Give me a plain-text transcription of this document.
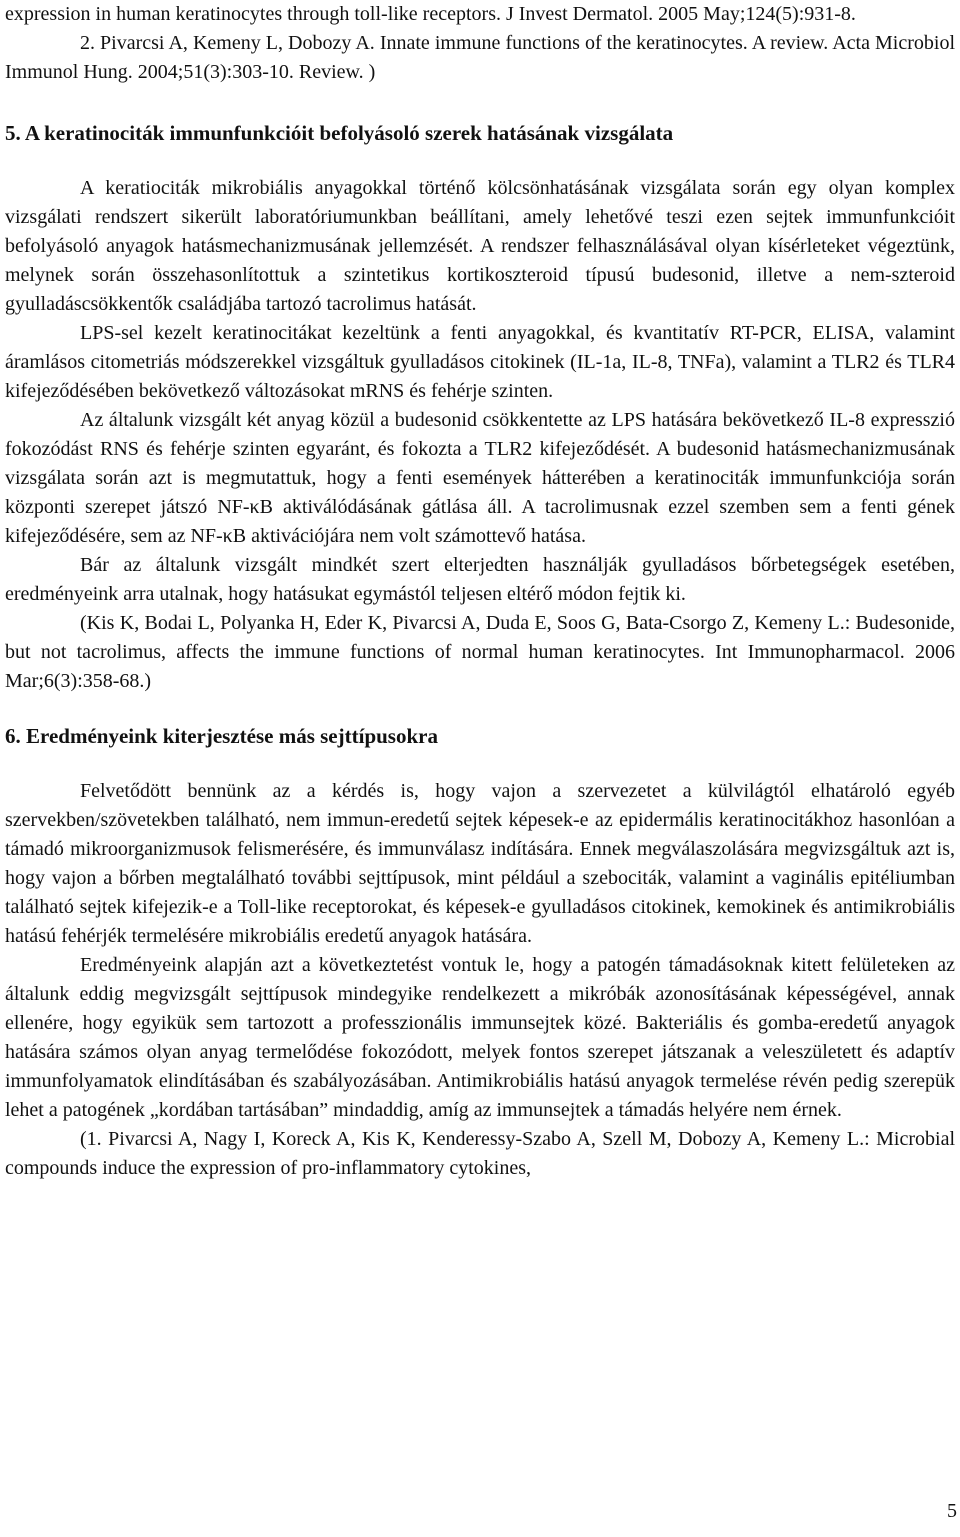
expression in human keratinocytes through toll-like receptors. J Invest Dermatol. 2005 May;124(5):931-8.

2. Pivarcsi A, Kemeny L, Dobozy A. Innate immune functions of the keratinocytes. A review. Acta Microbiol Immunol Hung. 2004;51(3):303-10. Review. )

5. A keratinociták immunfunkcióit befolyásoló szerek hatásának vizsgálata

A keratiociták mikrobiális anyagokkal történő kölcsönhatásának vizsgálata során egy olyan komplex vizsgálati rendszert sikerült laboratóriumunkban beállítani, amely lehetővé teszi ezen sejtek immunfunkcióit befolyásoló anyagok hatásmechanizmusának jellemzését. A rendszer felhasználásával olyan kísérleteket végeztünk, melynek során összehasonlítottuk a szintetikus kortikoszteroid típusú budesonid, illetve a nem-szteroid gyulladáscsökkentők családjába tartozó tacrolimus hatását.

LPS-sel kezelt keratinocitákat kezeltünk a fenti anyagokkal, és kvantitatív RT-PCR, ELISA, valamint áramlásos citometriás módszerekkel vizsgáltuk gyulladásos citokinek (IL-1a, IL-8, TNFa), valamint a TLR2 és TLR4 kifejeződésében bekövetkező változásokat mRNS és fehérje szinten.

Az általunk vizsgált két anyag közül a budesonid csökkentette az LPS hatására bekövetkező IL-8 expresszió fokozódást RNS és fehérje szinten egyaránt, és fokozta a TLR2 kifejeződését. A budesonid hatásmechanizmusának vizsgálata során azt is megmutattuk, hogy a fenti események hátterében a keratinociták immunfunkciója során központi szerepet játszó NF-κB aktiválódásának gátlása áll. A tacrolimusnak ezzel szemben sem a fenti gének kifejeződésére, sem az NF-κB aktivációjára nem volt számottevő hatása.

Bár az általunk vizsgált mindkét szert elterjedten használják gyulladásos bőrbetegségek esetében, eredményeink arra utalnak, hogy hatásukat egymástól teljesen eltérő módon fejtik ki.

(Kis K, Bodai L, Polyanka H, Eder K, Pivarcsi A, Duda E, Soos G, Bata-Csorgo Z, Kemeny L.: Budesonide, but not tacrolimus, affects the immune functions of normal human keratinocytes. Int Immunopharmacol. 2006 Mar;6(3):358-68.)

6. Eredményeink kiterjesztése más sejttípusokra

Felvetődött bennünk az a kérdés is, hogy vajon a szervezetet a külvilágtól elhatároló egyéb szervekben/szövetekben található, nem immun-eredetű sejtek képesek-e az epidermális keratinocitákhoz hasonlóan a támadó mikroorganizmusok felismerésére, és immunválasz indítására. Ennek megválaszolására megvizsgáltuk azt is, hogy vajon a bőrben megtalálható további sejttípusok, mint például a szebociták, valamint a vaginális epitéliumban található sejtek kifejezik-e a Toll-like receptorokat, és képesek-e gyulladásos citokinek, kemokinek és antimikrobiális hatású fehérjék termelésére mikrobiális eredetű anyagok hatására.

Eredményeink alapján azt a következtetést vontuk le, hogy a patogén támadásoknak kitett felületeken az általunk eddig megvizsgált sejttípusok mindegyike rendelkezett a mikróbák azonosításának képességével, annak ellenére, hogy egyikük sem tartozott a professzionális immunsejtek közé. Bakteriális és gomba-eredetű anyagok hatására számos olyan anyag termelődése fokozódott, melyek fontos szerepet játszanak a veleszületett és adaptív immunfolyamatok elindításában és szabályozásában. Antimikrobiális hatású anyagok termelése révén pedig szerepük lehet a patogének „kordában tartásában” mindaddig, amíg az immunsejtek a támadás helyére nem érnek.

(1. Pivarcsi A, Nagy I, Koreck A, Kis K, Kenderessy-Szabo A, Szell M, Dobozy A, Kemeny L.: Microbial compounds induce the expression of pro-inflammatory cytokines,

5
